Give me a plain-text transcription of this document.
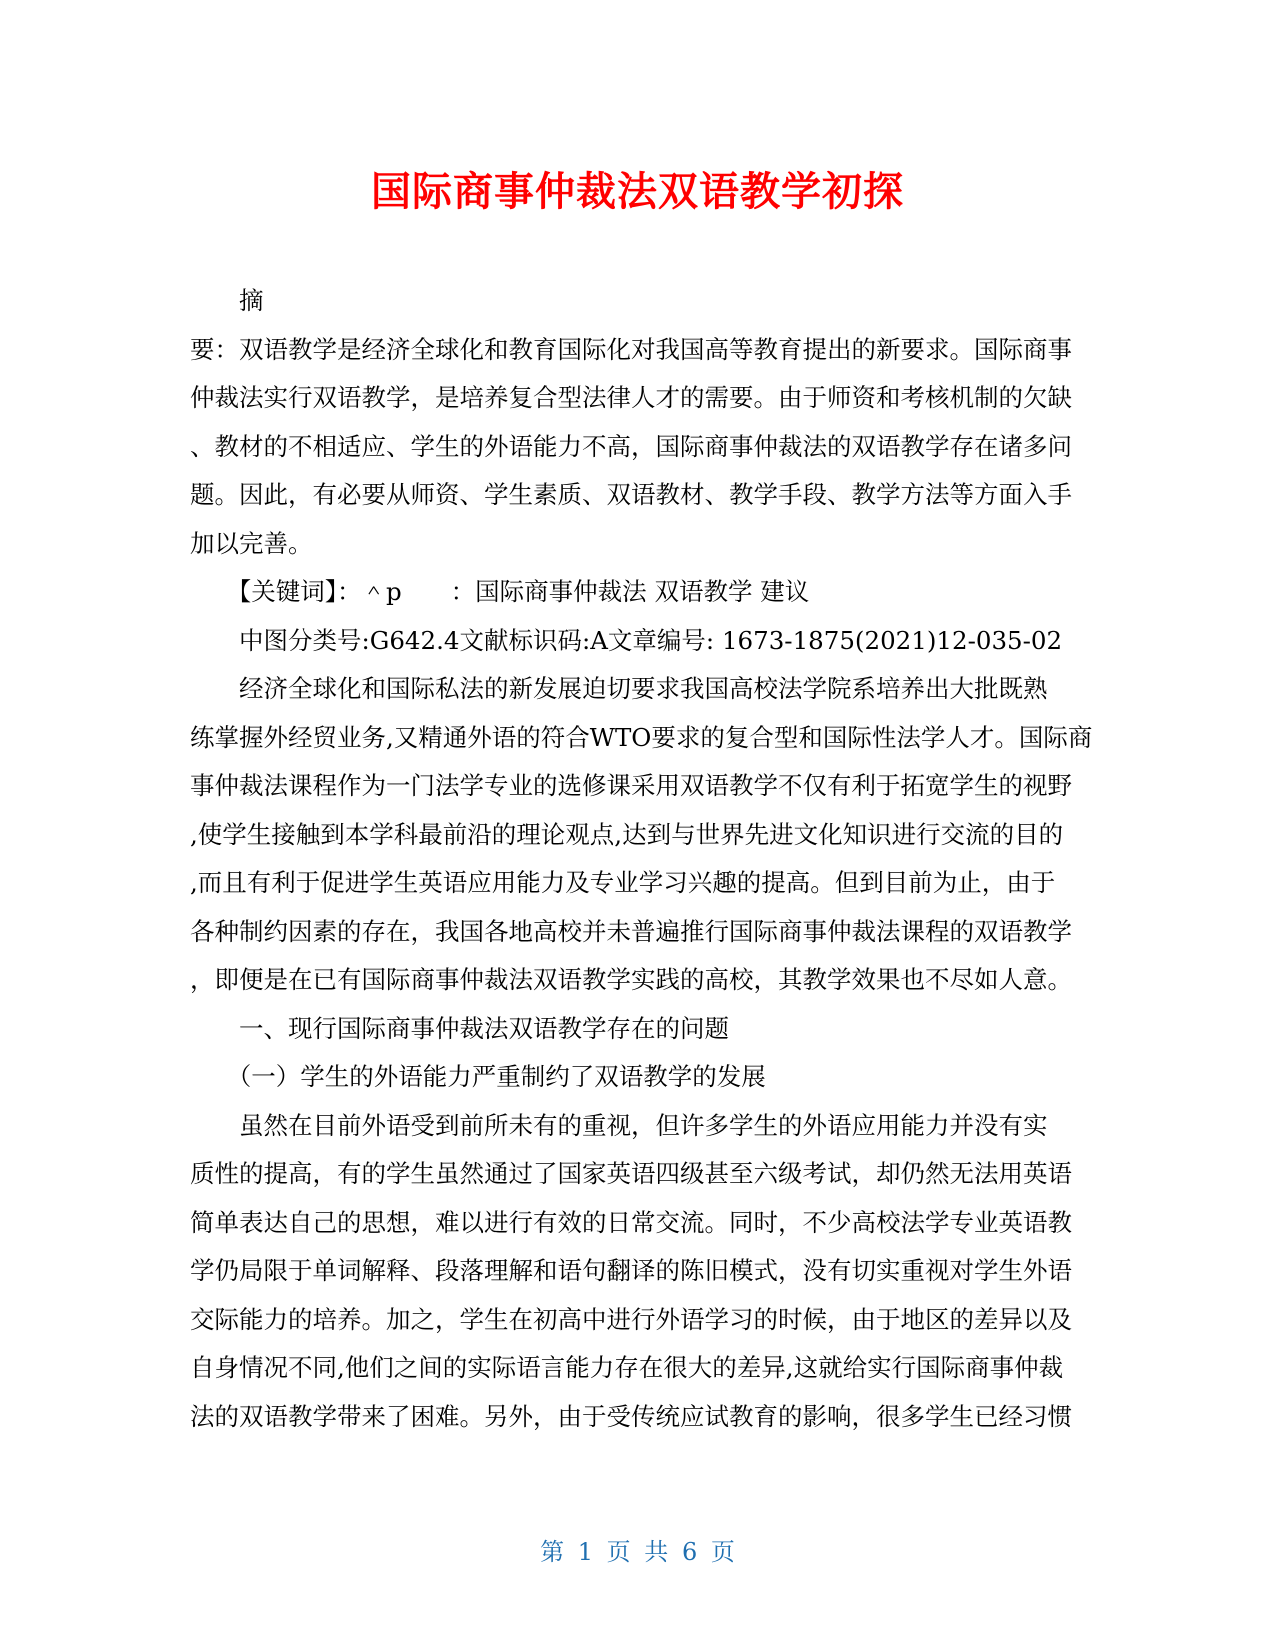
国际商事仲裁法双语教学初探
　　摘
要：双语教学是经济全球化和教育国际化对我国高等教育提出的新要求。国际商事
仲裁法实行双语教学，是培养复合型法律人才的需要。由于师资和考核机制的欠缺
、教材的不相适应、学生的外语能力不高，国际商事仲裁法的双语教学存在诸多问
题。因此，有必要从师资、学生素质、双语教材、教学手段、教学方法等方面入手
加以完善。
　　【关键词】：＾p　　：国际商事仲裁法 双语教学 建议
　　中图分类号:G642.4文献标识码:A文章编号: 1673-1875(2021)12-035-02
　　经济全球化和国际私法的新发展迫切要求我国高校法学院系培养出大批既熟
练掌握外经贸业务,又精通外语的符合WTO要求的复合型和国际性法学人才。国际商
事仲裁法课程作为一门法学专业的选修课采用双语教学不仅有利于拓宽学生的视野
,使学生接触到本学科最前沿的理论观点,达到与世界先进文化知识进行交流的目的
,而且有利于促进学生英语应用能力及专业学习兴趣的提高。但到目前为止，由于
各种制约因素的存在，我国各地高校并未普遍推行国际商事仲裁法课程的双语教学
，即便是在已有国际商事仲裁法双语教学实践的高校，其教学效果也不尽如人意。
　　一、现行国际商事仲裁法双语教学存在的问题
　　（一）学生的外语能力严重制约了双语教学的发展
　　虽然在目前外语受到前所未有的重视，但许多学生的外语应用能力并没有实
质性的提高，有的学生虽然通过了国家英语四级甚至六级考试，却仍然无法用英语
简单表达自己的思想，难以进行有效的日常交流。同时，不少高校法学专业英语教
学仍局限于单词解释、段落理解和语句翻译的陈旧模式，没有切实重视对学生外语
交际能力的培养。加之，学生在初高中进行外语学习的时候，由于地区的差异以及
自身情况不同,他们之间的实际语言能力存在很大的差异,这就给实行国际商事仲裁
法的双语教学带来了困难。另外，由于受传统应试教育的影响，很多学生已经习惯
第 1 页 共 6 页
